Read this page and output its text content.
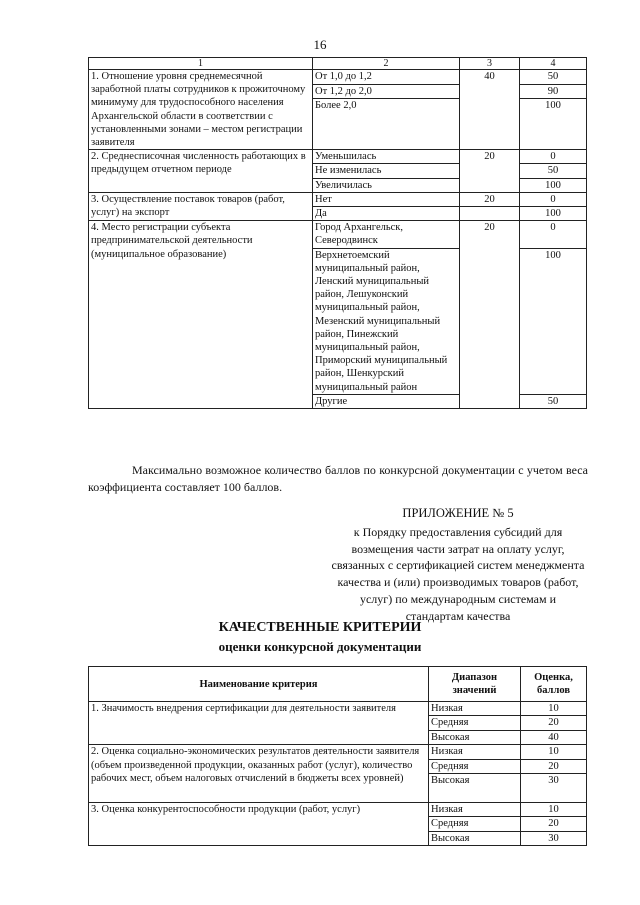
16
1	2	3	4
1. Отношение уровня среднемесячной заработной платы сотрудников к прожиточному минимуму для трудоспособного населения Архангельской области в соответствии с установленными зонами – местом регистрации заявителя	От 1,0 до 1,2	40	50
	От 1,2 до 2,0		90
	Более 2,0		100
2. Среднесписочная численность работающих в предыдущем отчетном периоде	Уменьшилась	20	0
	Не изменилась		50
	Увеличилась		100
3. Осуществление поставок товаров (работ, услуг) на экспорт	Нет	20	0
	Да		100
4. Место регистрации субъекта предпринимательской деятельности (муниципальное образование)	Город Архангельск, Северодвинск	20	0
	Верхнетоемский муниципальный район, Ленский муниципальный район, Лешуконский муниципальный район, Мезенский муниципальный район, Пинежский муниципальный район, Приморский муниципальный район, Шенкурский муниципальный район		100
	Другие		50
Максимально возможное количество баллов по конкурсной документации с учетом веса коэффициента составляет 100 баллов.
ПРИЛОЖЕНИЕ № 5
к Порядку предоставления субсидий для возмещения части затрат на оплату услуг, связанных с сертификацией систем менеджмента качества и (или) производимых товаров (работ, услуг) по международным системам и стандартам качества
КАЧЕСТВЕННЫЕ КРИТЕРИИ
оценки конкурсной документации
Наименование критерия	Диапазон значений	Оценка, баллов
1. Значимость внедрения сертификации для деятельности заявителя	Низкая	10
	Средняя	20
	Высокая	40
2. Оценка социально-экономических результатов деятельности заявителя (объем произведенной продукции, оказанных работ (услуг), количество рабочих мест, объем налоговых отчислений в бюджеты всех уровней)	Низкая	10
	Средняя	20
	Высокая	30
3. Оценка конкурентоспособности продукции (работ, услуг)	Низкая	10
	Средняя	20
	Высокая	30
